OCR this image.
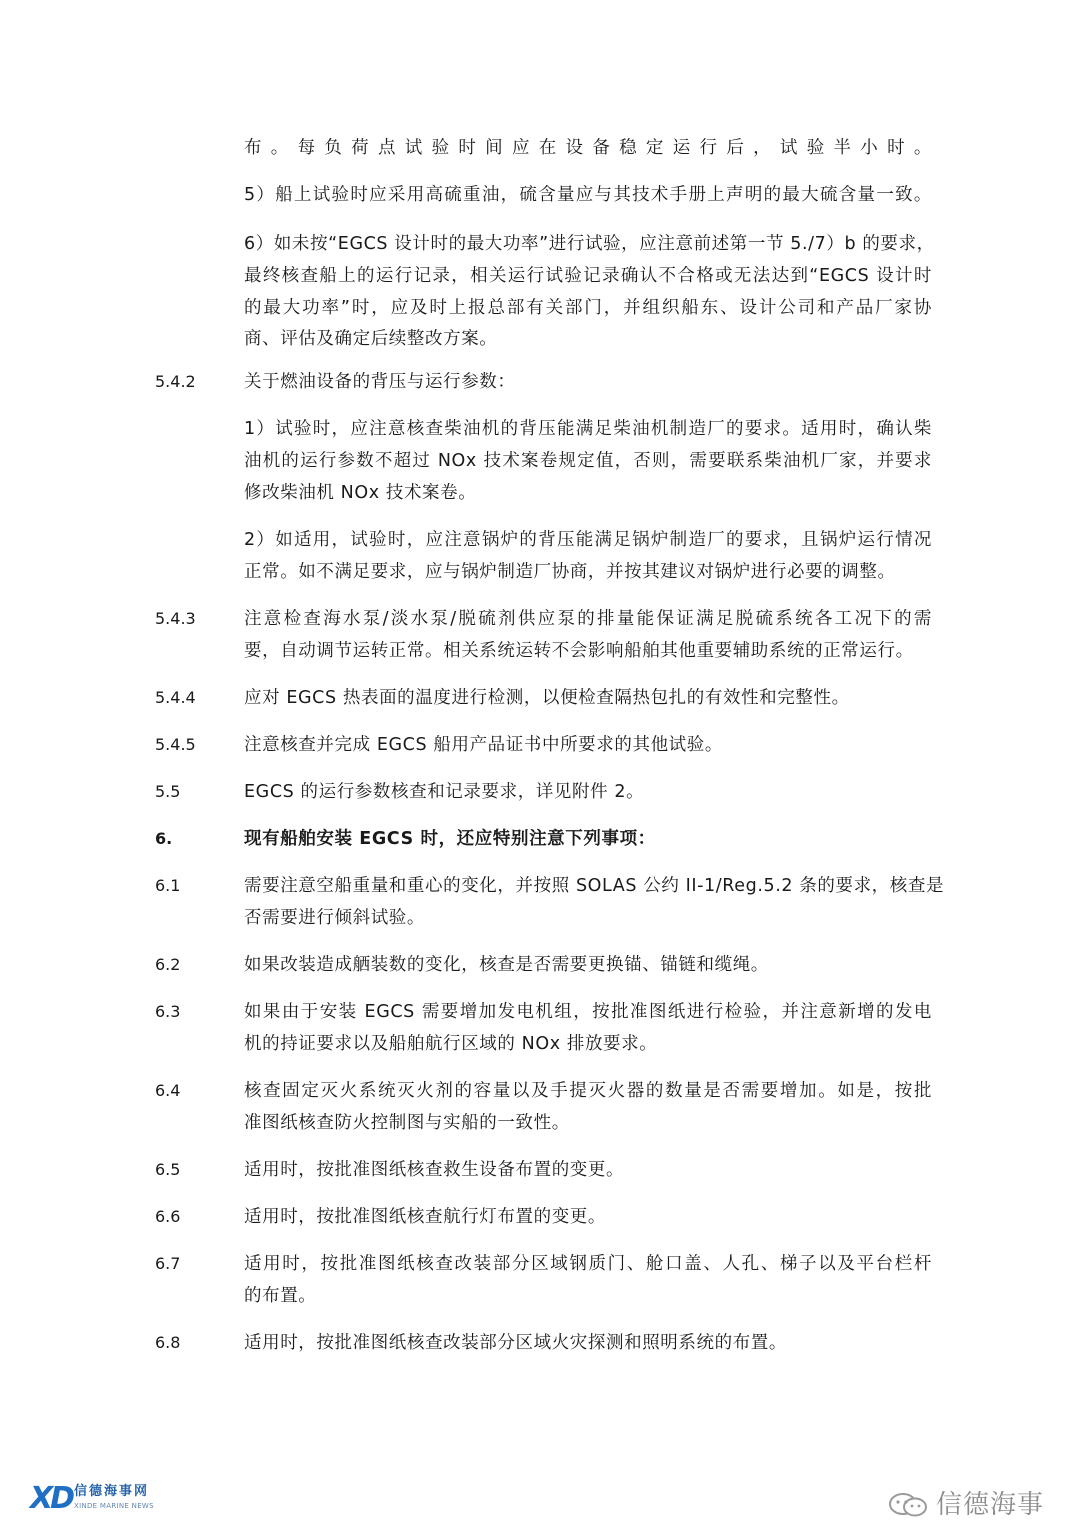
布。每负荷点试验时间应在设备稳定运行后，试验半小时。
5）船上试验时应采用高硫重油，硫含量应与其技术手册上声明的最大硫含量一致。
6）如未按“EGCS 设计时的最大功率”进行试验，应注意前述第一节 5./7）b 的要求，
最终核查船上的运行记录，相关运行试验记录确认不合格或无法达到“EGCS 设计时
的最大功率”时，应及时上报总部有关部门，并组织船东、设计公司和产品厂家协
商、评估及确定后续整改方案。
5.4.2	关于燃油设备的背压与运行参数：
1）试验时，应注意核查柴油机的背压能满足柴油机制造厂的要求。适用时，确认柴
油机的运行参数不超过 NOx 技术案卷规定值，否则，需要联系柴油机厂家，并要求
修改柴油机 NOx 技术案卷。
2）如适用，试验时，应注意锅炉的背压能满足锅炉制造厂的要求，且锅炉运行情况
正常。如不满足要求，应与锅炉制造厂协商，并按其建议对锅炉进行必要的调整。
5.4.3	注意检查海水泵/淡水泵/脱硫剂供应泵的排量能保证满足脱硫系统各工况下的需
要，自动调节运转正常。相关系统运转不会影响船舶其他重要辅助系统的正常运行。
5.4.4	应对 EGCS 热表面的温度进行检测，以便检查隔热包扎的有效性和完整性。
5.4.5	注意核查并完成 EGCS 船用产品证书中所要求的其他试验。
5.5	EGCS 的运行参数核查和记录要求，详见附件 2。
6.	现有船舶安装 EGCS 时，还应特别注意下列事项：
6.1	需要注意空船重量和重心的变化，并按照 SOLAS 公约 II-1/Reg.5.2 条的要求，核查是
否需要进行倾斜试验。
6.2	如果改装造成舾装数的变化，核查是否需要更换锚、锚链和缆绳。
6.3	如果由于安装 EGCS 需要增加发电机组，按批准图纸进行检验，并注意新增的发电
机的持证要求以及船舶航行区域的 NOx 排放要求。
6.4	核查固定灭火系统灭火剂的容量以及手提灭火器的数量是否需要增加。如是，按批
准图纸核查防火控制图与实船的一致性。
6.5	适用时，按批准图纸核查救生设备布置的变更。
6.6	适用时，按批准图纸核查航行灯布置的变更。
6.7	适用时，按批准图纸核查改装部分区域钢质门、舱口盖、人孔、梯子以及平台栏杆
的布置。
6.8	适用时，按批准图纸核查改装部分区域火灾探测和照明系统的布置。
XD 信德海事网
XINDE MARINE NEWS	信德海事
